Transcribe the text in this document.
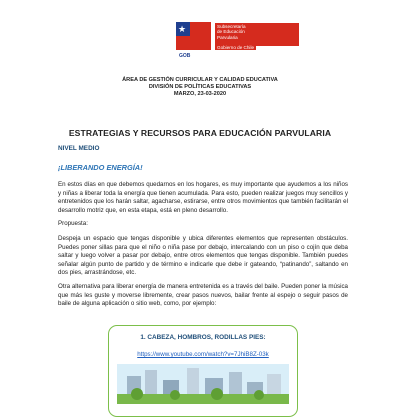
★
GOB
Subsecretaría
de Educación
Parvularia
Gobierno de Chile
ÁREA DE GESTIÓN CURRICULAR Y CALIDAD EDUCATIVA
DIVISIÓN DE POLÍTICAS EDUCATIVAS
MARZO, 23-03-2020
ESTRATEGIAS Y RECURSOS PARA EDUCACIÓN PARVULARIA
NIVEL MEDIO
¡LIBERANDO ENERGÍA!
En estos días en que debemos quedarnos en los hogares, es muy importante que ayudemos a los niños y niñas a liberar toda la energía que tienen acumulada. Para esto, pueden realizar juegos muy sencillos y entretenidos que los harán saltar, agacharse, estirarse, entre otros movimientos que también facilitarán el desarrollo motriz que, en esta etapa, está en pleno desarrollo.
Propuesta:
Despeja un espacio que tengas disponible y ubica diferentes elementos que representen obstáculos. Puedes poner sillas para que el niño o niña pase por debajo, intercalando con un piso o cojín que deba saltar y luego volver a pasar por debajo, entre otros elementos que tengas disponible. También puedes señalar algún punto de partido y de término e indicarle que debe ir gateando, “patinando”, saltando en dos pies, arrastrándose, etc.
Otra alternativa para liberar energía de manera entretenida es a través del baile. Pueden poner la música que más les guste y moverse libremente, crear pasos nuevos, bailar frente al espejo o seguir pasos de baile de alguna aplicación o sitio web, como, por ejemplo:
1. CABEZA, HOMBROS, RODILLAS PIES:
https://www.youtube.com/watch?v=7JhiB8Z-03k
